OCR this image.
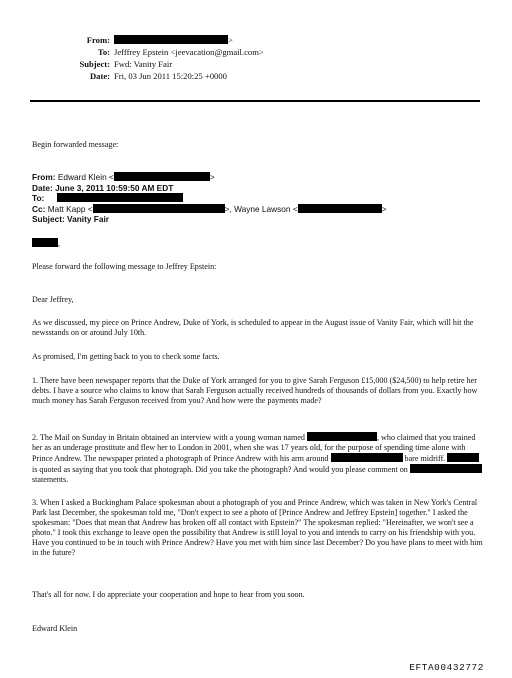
From:	>
To: Jefffrey Epstein <jeevacation@gmail.com>
Subject: Fwd: Vanity Fair
Date: Fri, 03 Jun 2011 15:20:25 +0000

Begin forwarded message:

From: Edward Klein <	>
Date: June 3, 2011 10:59:50 AM EDT
To:
Cc: Matt Kapp <	>, Wayne Lawson <	>
Subject: Vanity Fair
,

Please forward the following message to Jeffrey Epstein:

Dear Jeffrey,

As we discussed, my piece on Prince Andrew, Duke of York, is scheduled to appear in the August issue of Vanity Fair, which will hit the newsstands on or around July 10th.

As promised, I'm getting back to you to check some facts.

1. There have been newspaper reports that the Duke of York arranged for you to give Sarah Ferguson £15,000 ($24,500) to help retire her debts. I have a source who claims to know that Sarah Ferguson actually received hundreds of thousands of dollars from you. Exactly how much money has Sarah Ferguson received from you? And how were the payments made?

2. The Mail on Sunday in Britain obtained an interview with a young woman named	, who claimed that you trained her as an underage prostitute and flew her to London in 2001, when she was 17 years old, for the purpose of spending time alone with Prince Andrew. The newspaper printed a photograph of Prince Andrew with his arm around	bare midriff.  is quoted as saying that you took that photograph. Did you take the photograph? And would you please comment on  statements.

3. When I asked a Buckingham Palace spokesman about a photograph of you and Prince Andrew, which was taken in New York's Central Park last December, the spokesman told me, "Don't expect to see a photo of [Prince Andrew and Jeffrey Epstein] together." I asked the spokesman: "Does that mean that Andrew has broken off all contact with Epstein?" The spokesman replied: "Hereinafter, we won't see a photo." I took this exchange to leave open the possibility that Andrew is still loyal to you and intends to carry on his friendship with you. Have you continued to be in touch with Prince Andrew? Have you met with him since last December? Do you have plans to meet with him in the future?

That's all for now. I do appreciate your cooperation and hope to hear from you soon.

Edward Klein

EFTA00432772
